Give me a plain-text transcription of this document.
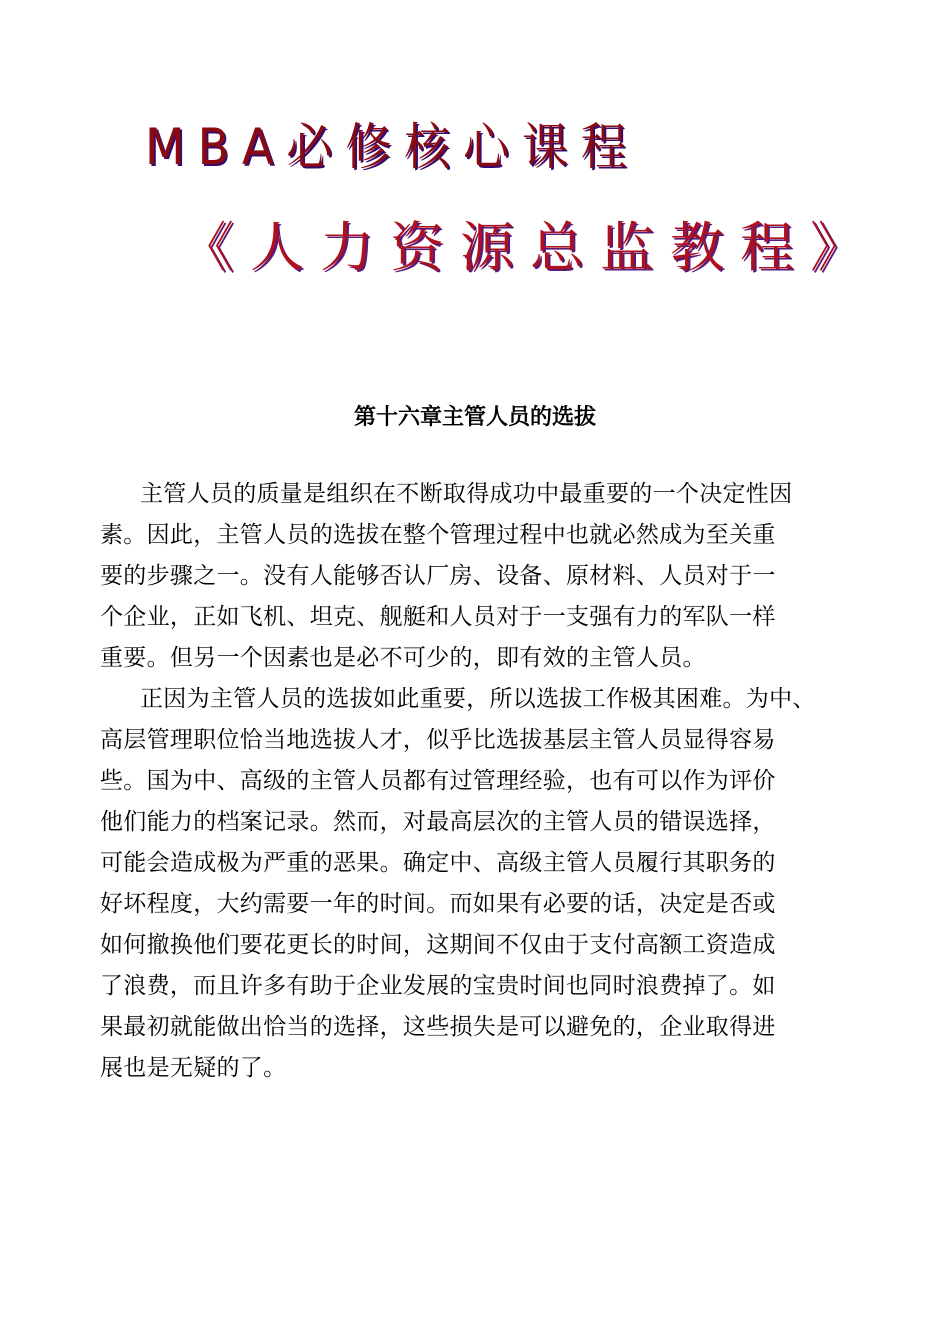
MBA必修核心课程
《人力资源总监教程》
第十六章主管人员的选拔
主管人员的质量是组织在不断取得成功中最重要的一个决定性因
素。因此，主管人员的选拔在整个管理过程中也就必然成为至关重
要的步骤之一。没有人能够否认厂房、设备、原材料、人员对于一
个企业，正如飞机、坦克、舰艇和人员对于一支强有力的军队一样
重要。但另一个因素也是必不可少的，即有效的主管人员。
正因为主管人员的选拔如此重要，所以选拔工作极其困难。为中、
高层管理职位恰当地选拔人才，似乎比选拔基层主管人员显得容易
些。国为中、高级的主管人员都有过管理经验，也有可以作为评价
他们能力的档案记录。然而，对最高层次的主管人员的错误选择，
可能会造成极为严重的恶果。确定中、高级主管人员履行其职务的
好坏程度，大约需要一年的时间。而如果有必要的话，决定是否或
如何撤换他们要花更长的时间，这期间不仅由于支付高额工资造成
了浪费，而且许多有助于企业发展的宝贵时间也同时浪费掉了。如
果最初就能做出恰当的选择，这些损失是可以避免的，企业取得进
展也是无疑的了。
